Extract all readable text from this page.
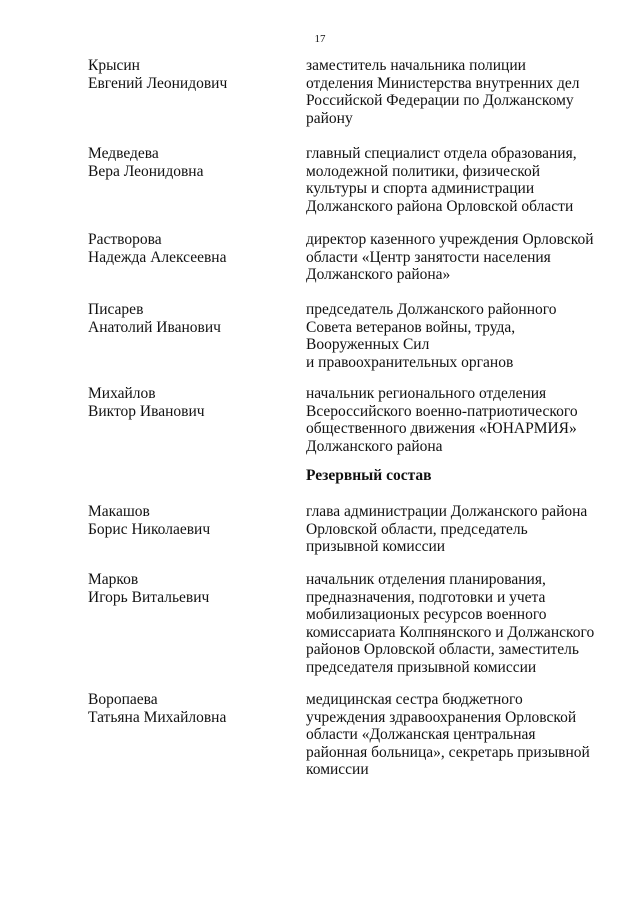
17
Крысин
Евгений Леонидович
заместитель начальника полиции
отделения Министерства внутренних дел
Российской Федерации по Должанскому
району
Медведева
Вера Леонидовна
главный специалист отдела образования,
молодежной политики, физической
культуры и спорта администрации
Должанского района Орловской области
Растворова
Надежда Алексеевна
директор казенного учреждения Орловской
области «Центр занятости населения
Должанского района»
Писарев
Анатолий Иванович
председатель Должанского районного
Совета ветеранов войны, труда,
Вооруженных Сил
и правоохранительных органов
Михайлов
Виктор Иванович
начальник регионального отделения
Всероссийского военно-патриотического
общественного движения «ЮНАРМИЯ»
Должанского района
Резервный состав
Макашов
Борис Николаевич
глава администрации Должанского района
Орловской области, председатель
призывной комиссии
Марков
Игорь Витальевич
начальник отделения планирования,
предназначения, подготовки и учета
мобилизационых ресурсов военного
комиссариата Колпнянского и Должанского
районов Орловской области, заместитель
председателя призывной комиссии
Воропаева
Татьяна Михайловна
медицинская сестра бюджетного
учреждения здравоохранения Орловской
области «Должанская центральная
районная больница», секретарь призывной
комиссии
